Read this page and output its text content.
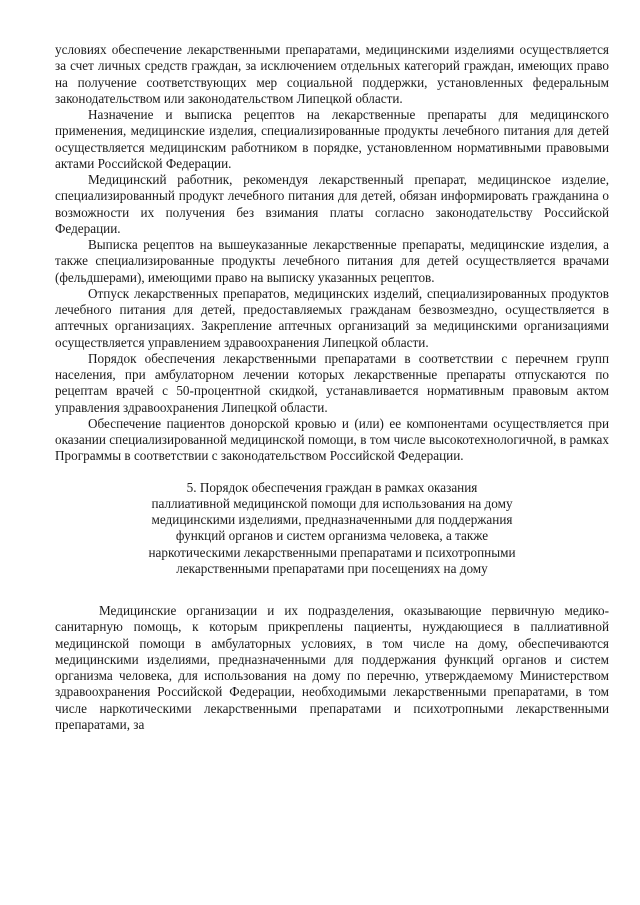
условиях обеспечение лекарственными препаратами, медицинскими изделиями осуществляется за счет личных средств граждан, за исключением отдельных категорий граждан, имеющих право на получение соответствующих мер социальной поддержки, установленных федеральным законодательством или законодательством Липецкой области.

Назначение и выписка рецептов на лекарственные препараты для медицинского применения, медицинские изделия, специализированные продукты лечебного питания для детей осуществляется медицинским работником в порядке, установленном нормативными правовыми актами Российской Федерации.

Медицинский работник, рекомендуя лекарственный препарат, медицинское изделие, специализированный продукт лечебного питания для детей, обязан информировать гражданина о возможности их получения без взимания платы согласно законодательству Российской Федерации.

Выписка рецептов на вышеуказанные лекарственные препараты, медицинские изделия, а также специализированные продукты лечебного питания для детей осуществляется врачами (фельдшерами), имеющими право на выписку указанных рецептов.

Отпуск лекарственных препаратов, медицинских изделий, специализированных продуктов лечебного питания для детей, предоставляемых гражданам безвозмездно, осуществляется в аптечных организациях. Закрепление аптечных организаций за медицинскими организациями осуществляется управлением здравоохранения Липецкой области.

Порядок обеспечения лекарственными препаратами в соответствии с перечнем групп населения, при амбулаторном лечении которых лекарственные препараты отпускаются по рецептам врачей с 50-процентной скидкой, устанавливается нормативным правовым актом управления здравоохранения Липецкой области.

Обеспечение пациентов донорской кровью и (или) ее компонентами осуществляется при оказании специализированной медицинской помощи, в том числе высокотехнологичной, в рамках Программы в соответствии с законодательством Российской Федерации.

5. Порядок обеспечения граждан в рамках оказания
паллиативной медицинской помощи для использования на дому
медицинскими изделиями, предназначенными для поддержания
функций органов и систем организма человека, а также
наркотическими лекарственными препаратами и психотропными
лекарственными препаратами при посещениях на дому

Медицинские организации и их подразделения, оказывающие первичную медико-санитарную помощь, к которым прикреплены пациенты, нуждающиеся в паллиативной медицинской помощи в амбулаторных условиях, в том числе на дому, обеспечиваются медицинскими изделиями, предназначенными для поддержания функций органов и систем организма человека, для использования на дому по перечню, утверждаемому Министерством здравоохранения Российской Федерации, необходимыми лекарственными препаратами, в том числе наркотическими лекарственными препаратами и психотропными лекарственными препаратами, за
